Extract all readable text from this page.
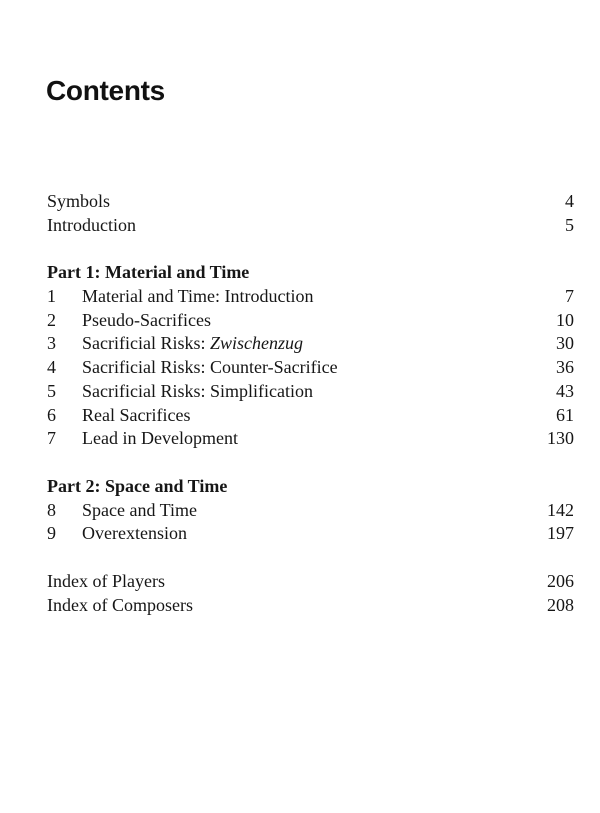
Contents
Symbols	4
Introduction	5
Part 1: Material and Time
1	Material and Time: Introduction	7
2	Pseudo-Sacrifices	10
3	Sacrificial Risks: Zwischenzug	30
4	Sacrificial Risks: Counter-Sacrifice	36
5	Sacrificial Risks: Simplification	43
6	Real Sacrifices	61
7	Lead in Development	130
Part 2: Space and Time
8	Space and Time	142
9	Overextension	197
Index of Players	206
Index of Composers	208
